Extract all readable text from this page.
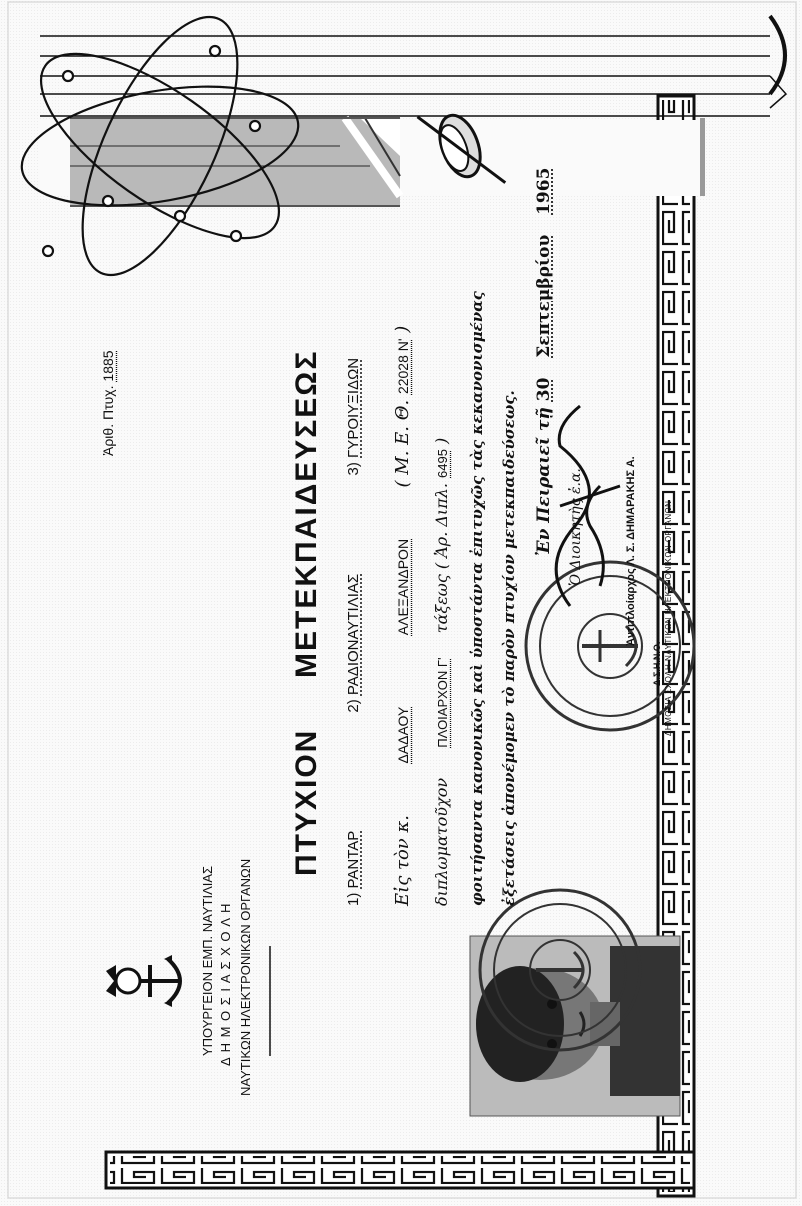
ΥΠΟΥΡΓΕΙΟΝ ΕΜΠ. ΝΑΥΤΙΛΙΑΣ Δ Η Μ Ο Σ Ι Α Σ Χ Ο Λ Η ΝΑΥΤΙΚΩΝ ΗΛΕΚΤΡΟΝΙΚΩΝ ΟΡΓΑΝΩΝ
Ἀριθ. Πτυχ. 1885
ΠΤΥΧΙΟΝ  ΜΕΤΕΚΠΑΙΔΕΥΣΕΩΣ
1) ΡΑΝΤΑΡ  2) ΡΑΔΙΟΝΑΥΤΙΛΙΑΣ  3) ΓΥΡΟΙΥΞΙΔΩΝ
Εἰς τὸν κ.  ΔΑΔΑΟΥ  ΑΛΕΞΑΝΔΡΟΝ  ( Μ. Ε. Θ. 22028 Ν' )
διπλωματοῦχον  ΠΛΟΙΑΡΧΟΝ Γ'  τάξεως ( Ἀρ. Διπλ. 6495 ) φοιτήσαντα κανονικῶς καὶ ὑποστάντα ἐπιτυχῶς τὰς κεκανονισμένας ἐξετάσεις ἀπονέμομεν τὸ παρὸν πτυχίον μετεκπαιδεύσεως. Ἐν Πειραιεῖ τῇ 30  Σεπτεμβρίου  1965
Ὁ Διοικητὴς ἐ.α.	Ἀντιπλοίαρχος Λ. Σ. ΔΗΜΑΡΑΚΗΣ Α.
Δ.Σ.Η.Ν.Ο. ΔΗΜΟΣΙΑ ΣΧΟΛΗ ΝΑΥΤΙΚΩΝ ΗΛΕΚΤΡΟΝΙΚΩΝ ΟΡΓΑΝΩΝ
